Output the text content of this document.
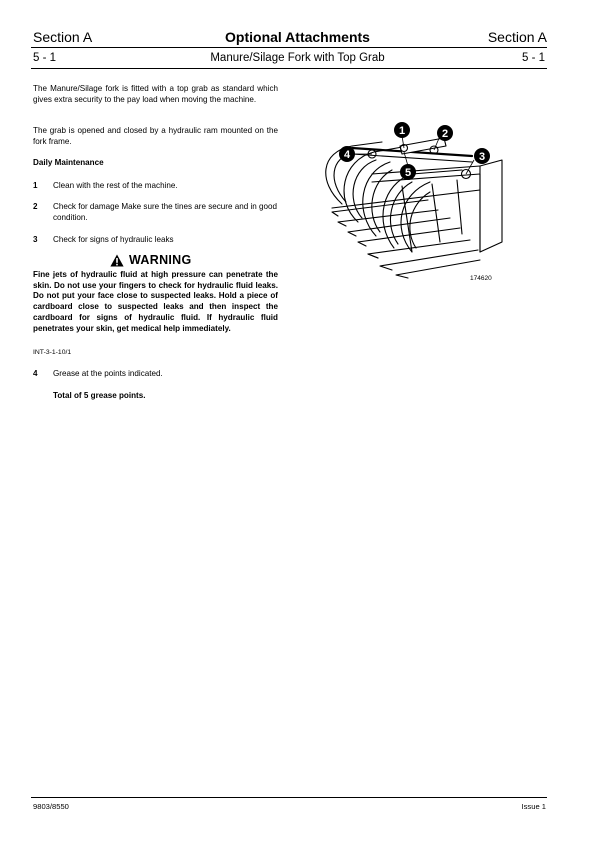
Section A	Optional Attachments	Section A
5 - 1	Manure/Silage Fork with Top Grab	5 - 1
The Manure/Silage fork is fitted with a top grab as standard which gives extra security to the pay load when moving the machine.
The grab is opened and closed by a hydraulic ram mounted on the fork frame.
Daily Maintenance
1 Clean with the rest of the machine.
2 Check for damage Make sure the tines are secure and in good condition.
3 Check for signs of hydraulic leaks
WARNING
Fine jets of hydraulic fluid at high pressure can penetrate the skin. Do not use your fingers to check for hydraulic fluid leaks. Do not put your face close to suspected leaks. Hold a piece of cardboard close to suspected leaks and then inspect the cardboard for signs of hydraulic fluid. If hydraulic fluid penetrates your skin, get medical help immediately.
INT-3-1-10/1
4 Grease at the points indicated.
Total of 5 grease points.
1	2
3
4
5
174620
9803/8550	Issue 1
